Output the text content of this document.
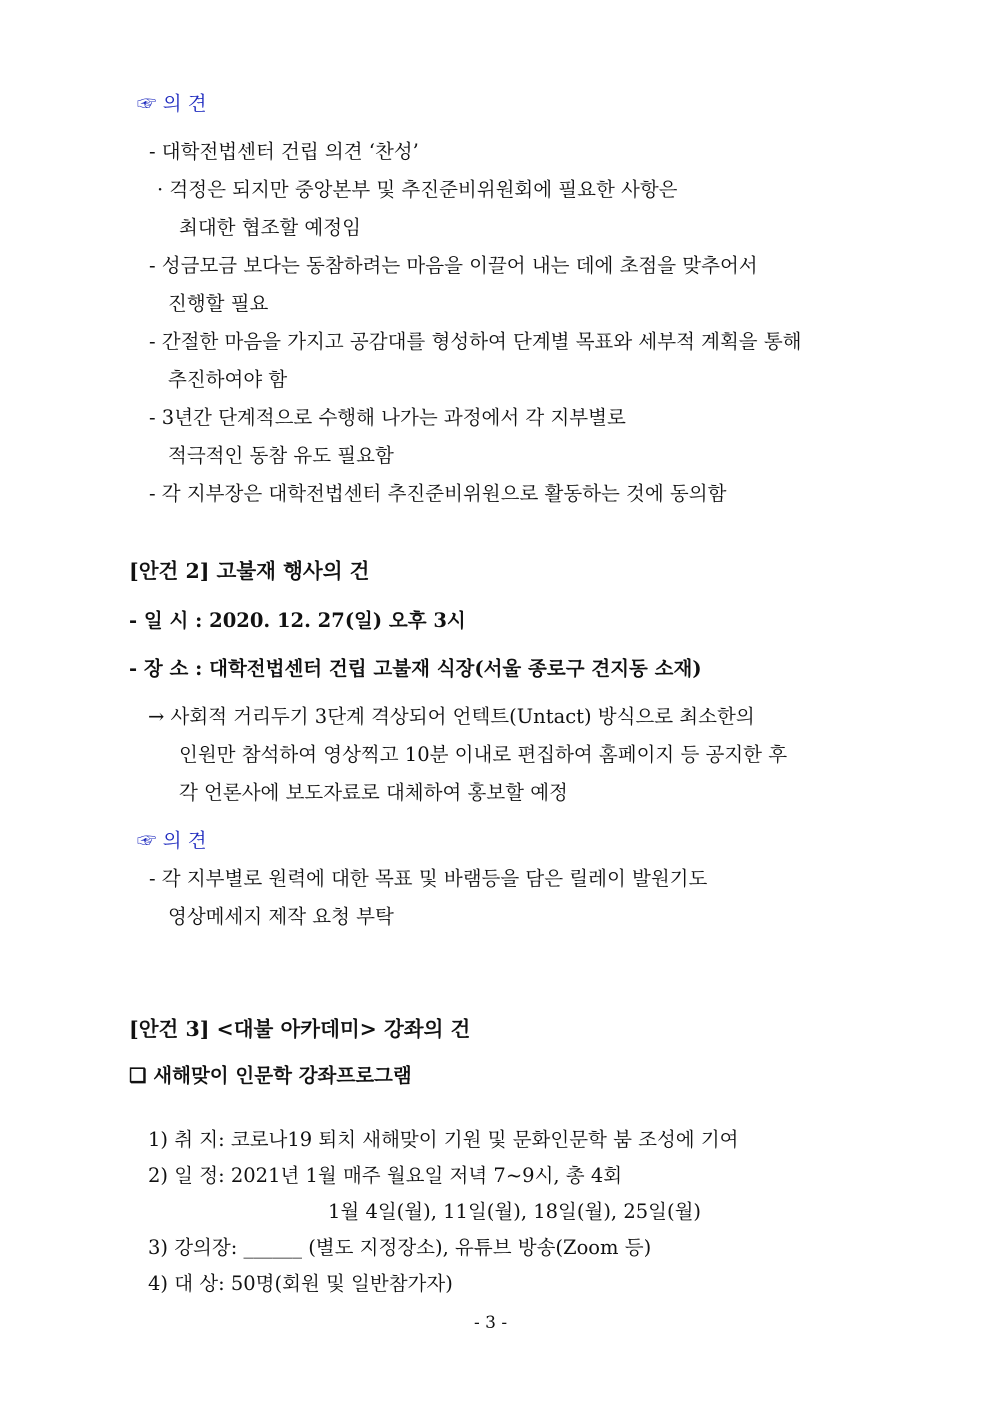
☞ 의 견
- 대학전법센터 건립 의견 ‘찬성’
· 걱정은 되지만 중앙본부 및 추진준비위원회에 필요한 사항은
최대한 협조할 예정임
- 성금모금 보다는 동참하려는 마음을 이끌어 내는 데에 초점을 맞추어서
진행할 필요
- 간절한 마음을 가지고 공감대를 형성하여 단계별 목표와 세부적 계획을 통해
추진하여야 함
- 3년간 단계적으로 수행해 나가는 과정에서 각 지부별로
적극적인 동참 유도 필요함
- 각 지부장은 대학전법센터 추진준비위원으로 활동하는 것에 동의함
[안건 2] 고불재 행사의 건
- 일 시 : 2020. 12. 27(일) 오후 3시
- 장 소 : 대학전법센터 건립 고불재 식장(서울 종로구 견지동 소재)
→ 사회적 거리두기 3단계 격상되어 언텍트(Untact) 방식으로 최소한의
인원만 참석하여 영상찍고 10분 이내로 편집하여 홈페이지 등 공지한 후
각 언론사에 보도자료로 대체하여 홍보할 예정
☞ 의 견
- 각 지부별로 원력에 대한 목표 및 바램등을 담은 릴레이 발원기도
영상메세지 제작 요청 부탁
[안건 3] <대불 아카데미> 강좌의 건
❑ 새해맞이 인문학 강좌프로그램
1) 취 지: 코로나19 퇴치 새해맞이 기원 및 문화인문학 붐 조성에 기여
2) 일 정: 2021년 1월 매주 월요일 저녁 7~9시, 총 4회
1월 4일(월), 11일(월), 18일(월), 25일(월)
3) 강의장: ______ (별도 지정장소), 유튜브 방송(Zoom 등)
4) 대 상: 50명(회원 및 일반참가자)
- 3 -
